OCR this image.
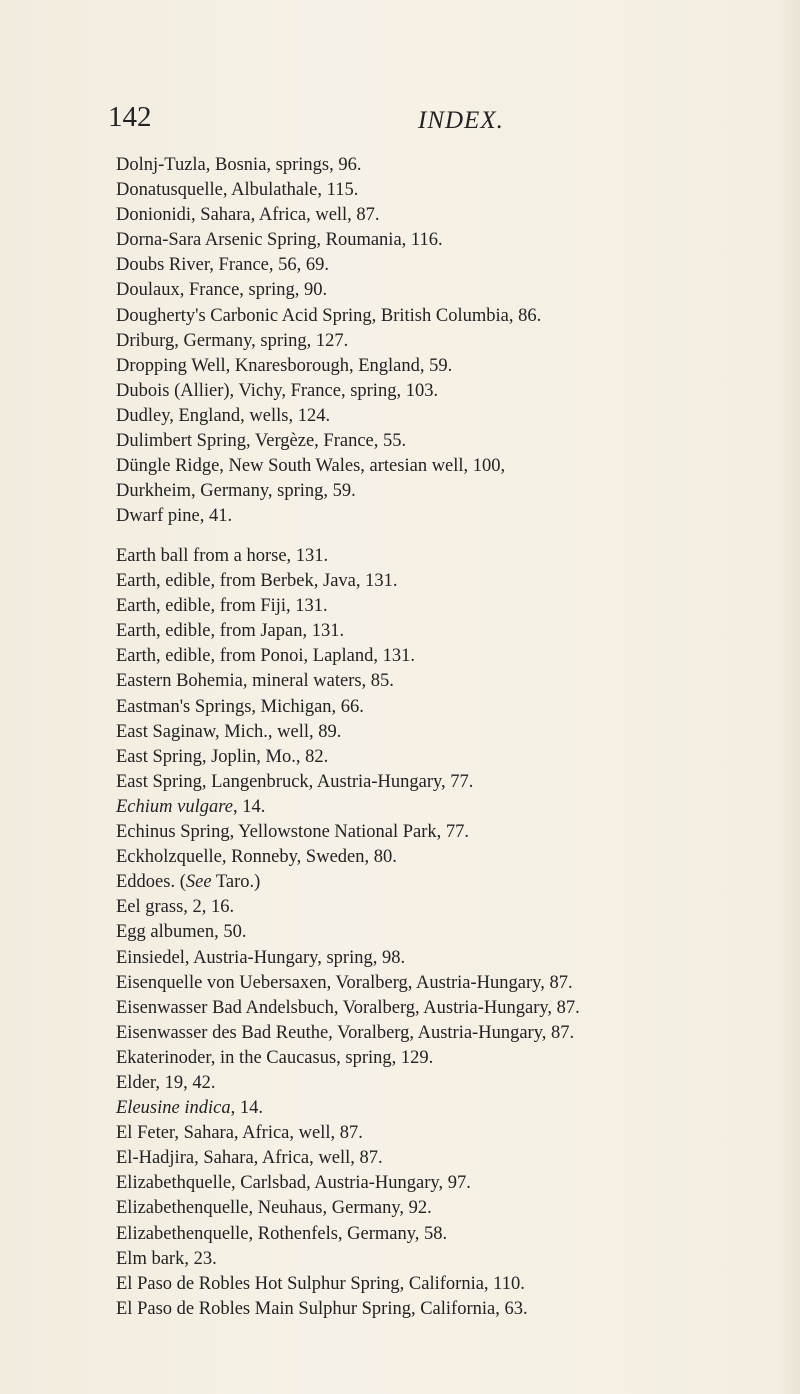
142	INDEX.
Dolnj-Tuzla, Bosnia, springs, 96.
Donatusquelle, Albulathale, 115.
Donionidi, Sahara, Africa, well, 87.
Dorna-Sara Arsenic Spring, Roumania, 116.
Doubs River, France, 56, 69.
Doulaux, France, spring, 90.
Dougherty's Carbonic Acid Spring, British Columbia, 86.
Driburg, Germany, spring, 127.
Dropping Well, Knaresborough, England, 59.
Dubois (Allier), Vichy, France, spring, 103.
Dudley, England, wells, 124.
Dulimbert Spring, Vergèze, France, 55.
Düngle Ridge, New South Wales, artesian well, 100,
Durkheim, Germany, spring, 59.
Dwarf pine, 41.
Earth ball from a horse, 131.
Earth, edible, from Berbek, Java, 131.
Earth, edible, from Fiji, 131.
Earth, edible, from Japan, 131.
Earth, edible, from Ponoi, Lapland, 131.
Eastern Bohemia, mineral waters, 85.
Eastman's Springs, Michigan, 66.
East Saginaw, Mich., well, 89.
East Spring, Joplin, Mo., 82.
East Spring, Langenbruck, Austria-Hungary, 77.
Echium vulgare, 14.
Echinus Spring, Yellowstone National Park, 77.
Eckholzquelle, Ronneby, Sweden, 80.
Eddoes. (See Taro.)
Eel grass, 2, 16.
Egg albumen, 50.
Einsiedel, Austria-Hungary, spring, 98.
Eisenquelle von Uebersaxen, Voralberg, Austria-Hungary, 87.
Eisenwasser Bad Andelsbuch, Voralberg, Austria-Hungary, 87.
Eisenwasser des Bad Reuthe, Voralberg, Austria-Hungary, 87.
Ekaterinoder, in the Caucasus, spring, 129.
Elder, 19, 42.
Eleusine indica, 14.
El Feter, Sahara, Africa, well, 87.
El-Hadjira, Sahara, Africa, well, 87.
Elizabethquelle, Carlsbad, Austria-Hungary, 97.
Elizabethenquelle, Neuhaus, Germany, 92.
Elizabethenquelle, Rothenfels, Germany, 58.
Elm bark, 23.
El Paso de Robles Hot Sulphur Spring, California, 110.
El Paso de Robles Main Sulphur Spring, California, 63.
